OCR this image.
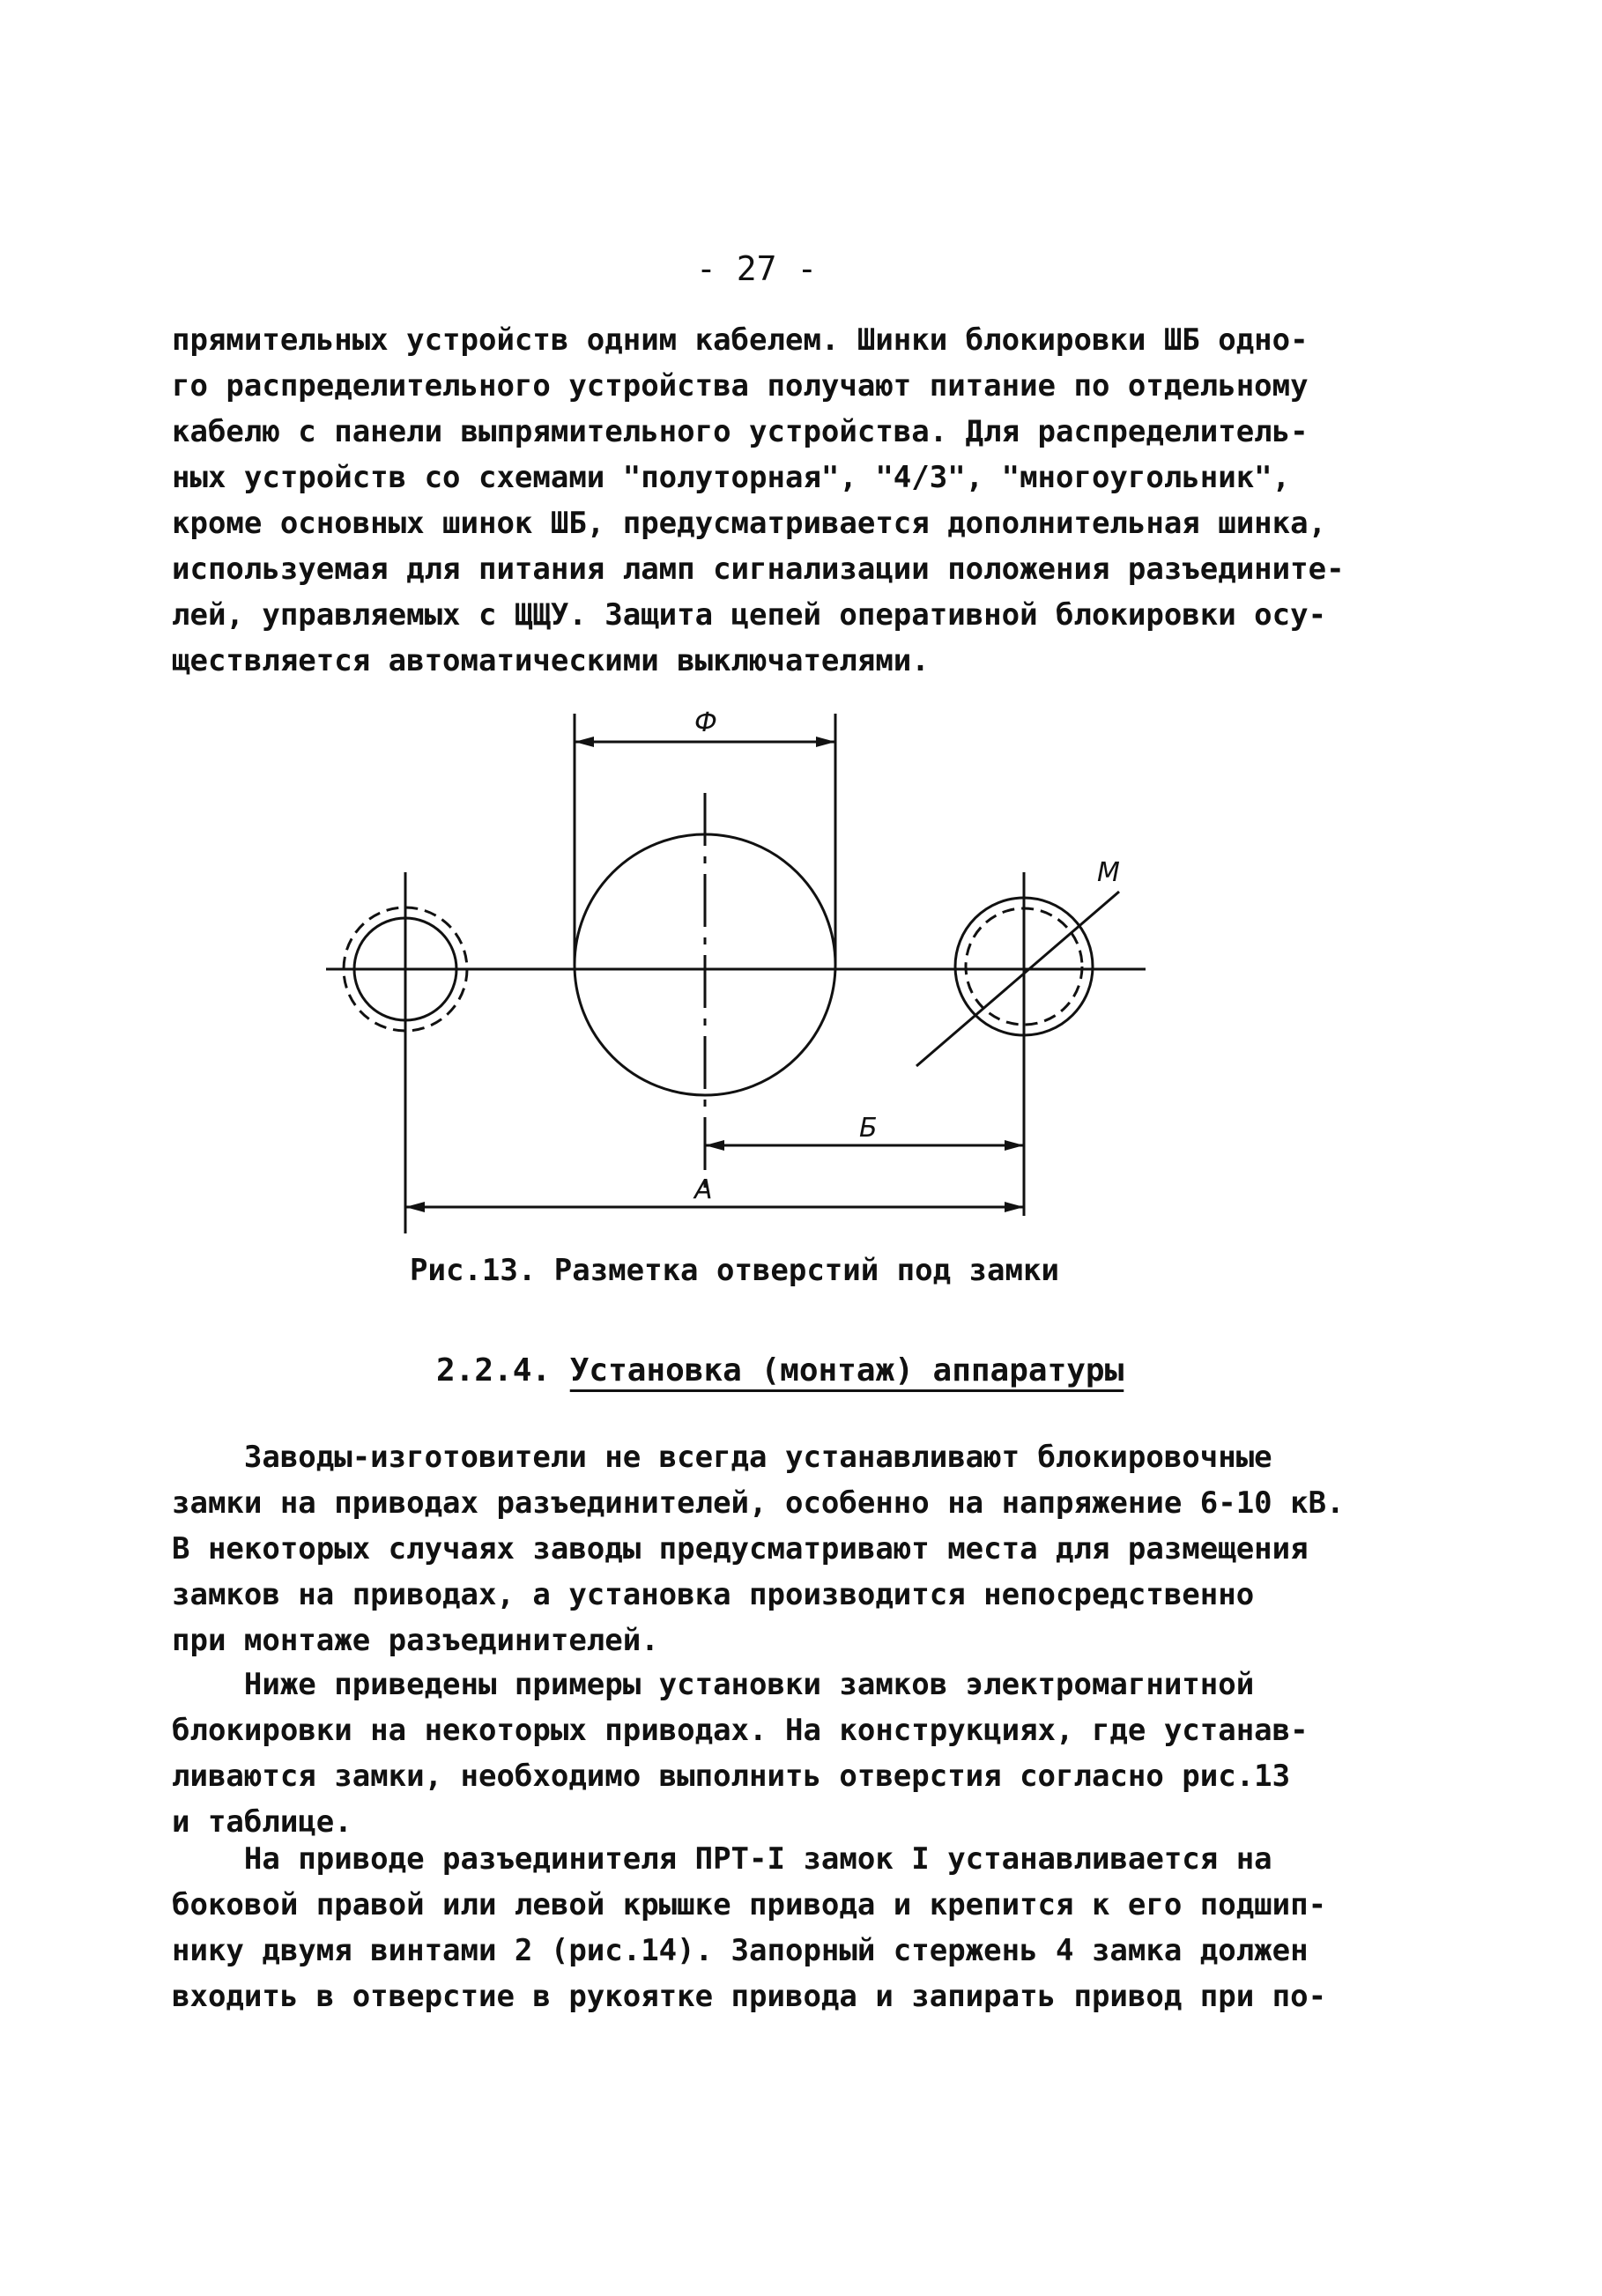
- 27 -
прямительных устройств одним кабелем. Шинки блокировки ШБ одно-
го распределительного устройства получают питание по отдельному
кабелю с панели выпрямительного устройства. Для распределитель-
ных устройств со схемами "полуторная", "4/3", "многоугольник",
кроме основных шинок ШБ, предусматривается дополнительная шинка,
используемая для питания ламп сигнализации положения разъедините-
лей, управляемых с ЩЩУ. Защита цепей оперативной блокировки осу-
ществляется автоматическими выключателями.
Ф
Б
А
М
Рис.13. Разметка отверстий под замки
2.2.4. Установка (монтаж) аппаратуры
Заводы-изготовители не всегда устанавливают блокировочные
замки на приводах разъединителей, особенно на напряжение 6-10 кВ.
В некоторых случаях заводы предусматривают места для размещения
замков на приводах, а установка производится непосредственно
при монтаже разъединителей.
Ниже приведены примеры установки замков электромагнитной
блокировки на некоторых приводах. На конструкциях, где устанав-
ливаются замки, необходимо выполнить отверстия согласно рис.13
и таблице.
На приводе разъединителя ПРТ-I замок I устанавливается на
боковой правой или левой крышке привода и крепится к его подшип-
нику двумя винтами 2 (рис.14). Запорный стержень 4 замка должен
входить в отверстие в рукоятке привода и запирать привод при по-
